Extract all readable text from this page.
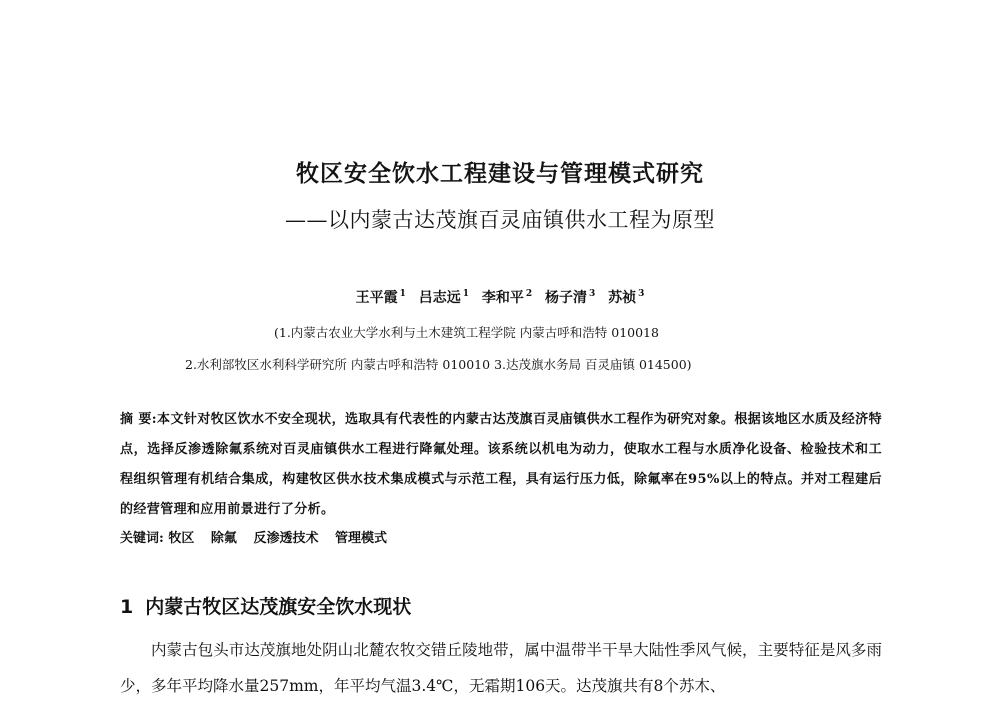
牧区安全饮水工程建设与管理模式研究
——以内蒙古达茂旗百灵庙镇供水工程为原型
王平霞 $^1$ 吕志远 $^1$ 李和平 $^2$ 杨子清 $^3$ 苏祯 $^3$
(1.内蒙古农业大学水利与土木建筑工程学院 内蒙古呼和浩特 010018
2.水利部牧区水利科学研究所 内蒙古呼和浩特 010010 3.达茂旗水务局 百灵庙镇 014500)
摘 要:本文针对牧区饮水不安全现状，选取具有代表性的内蒙古达茂旗百灵庙镇供水工程作为研究对象。根据该地区水质及经济特点，选择反渗透除氟系统对百灵庙镇供水工程进行降氟处理。该系统以机电为动力，使取水工程与水质净化设备、检验技术和工程组织管理有机结合集成，构建牧区供水技术集成模式与示范工程，具有运行压力低，除氟率在95%以上的特点。并对工程建后的经营管理和应用前景进行了分析。
关键词: 牧区 除氟 反渗透技术 管理模式
1 内蒙古牧区达茂旗安全饮水现状
内蒙古包头市达茂旗地处阴山北麓农牧交错丘陵地带，属中温带半干旱大陆性季风气候，主要特征是风多雨少，多年平均降水量257mm，年平均气温3.4℃，无霜期106天。达茂旗共有8个苏木、
